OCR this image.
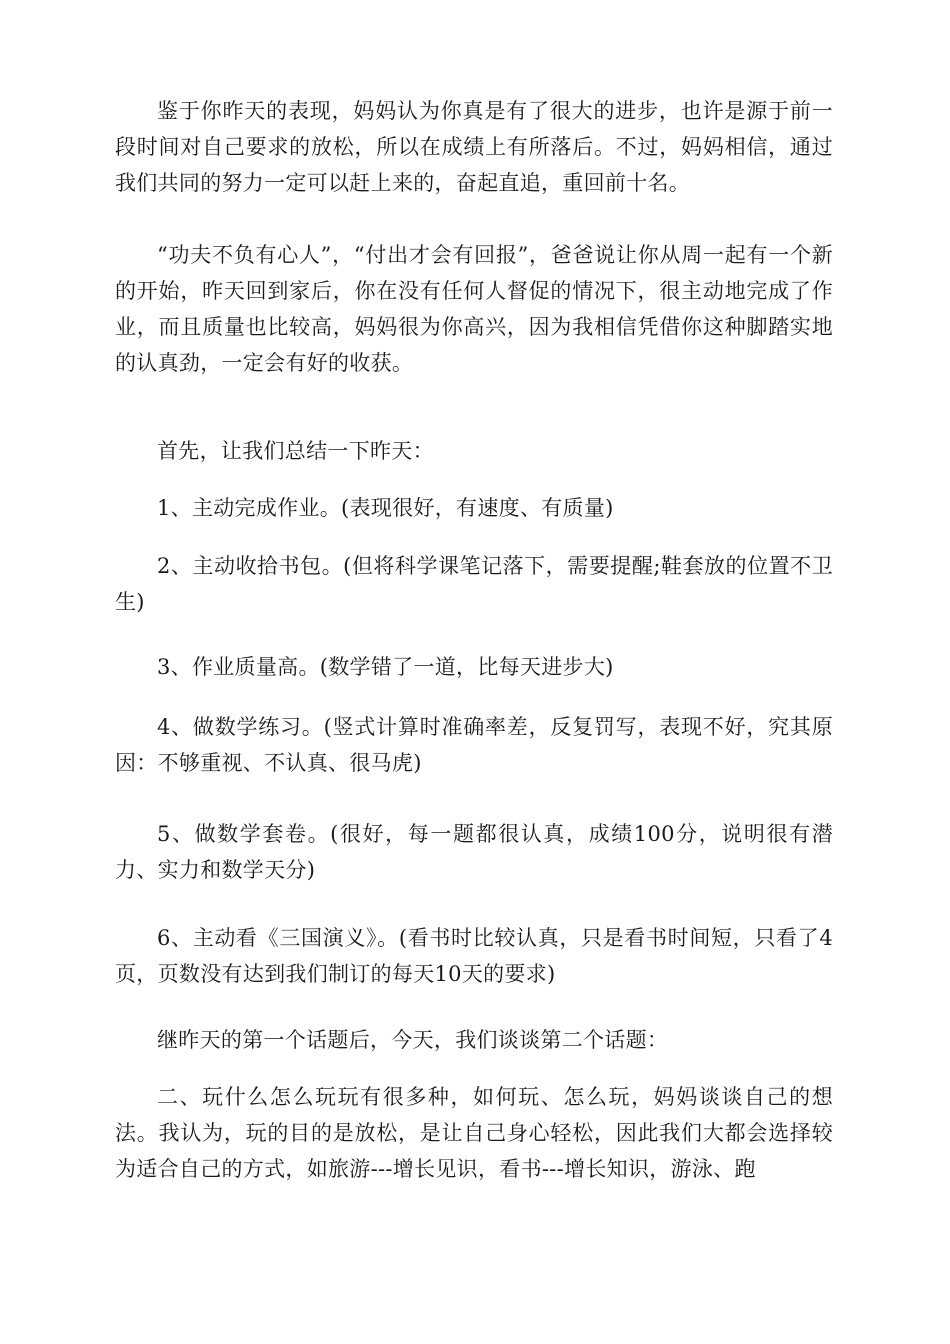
鉴于你昨天的表现，妈妈认为你真是有了很大的进步，也许是源于前一段时间对自己要求的放松，所以在成绩上有所落后。不过，妈妈相信，通过我们共同的努力一定可以赶上来的，奋起直追，重回前十名。

“功夫不负有心人”，“付出才会有回报”，爸爸说让你从周一起有一个新的开始，昨天回到家后，你在没有任何人督促的情况下，很主动地完成了作业，而且质量也比较高，妈妈很为你高兴，因为我相信凭借你这种脚踏实地的认真劲，一定会有好的收获。

首先，让我们总结一下昨天：

1、主动完成作业。(表现很好，有速度、有质量)

2、主动收拾书包。(但将科学课笔记落下，需要提醒;鞋套放的位置不卫生)

3、作业质量高。(数学错了一道，比每天进步大)

4、做数学练习。(竖式计算时准确率差，反复罚写，表现不好，究其原因：不够重视、不认真、很马虎)

5、做数学套卷。(很好，每一题都很认真，成绩100分，说明很有潜力、实力和数学天分)

6、主动看《三国演义》。(看书时比较认真，只是看书时间短，只看了4页，页数没有达到我们制订的每天10天的要求)

继昨天的第一个话题后，今天，我们谈谈第二个话题：

二、玩什么怎么玩玩有很多种，如何玩、怎么玩，妈妈谈谈自己的想法。我认为，玩的目的是放松，是让自己身心轻松，因此我们大都会选择较为适合自己的方式，如旅游---增长见识，看书---增长知识，游泳、跑
